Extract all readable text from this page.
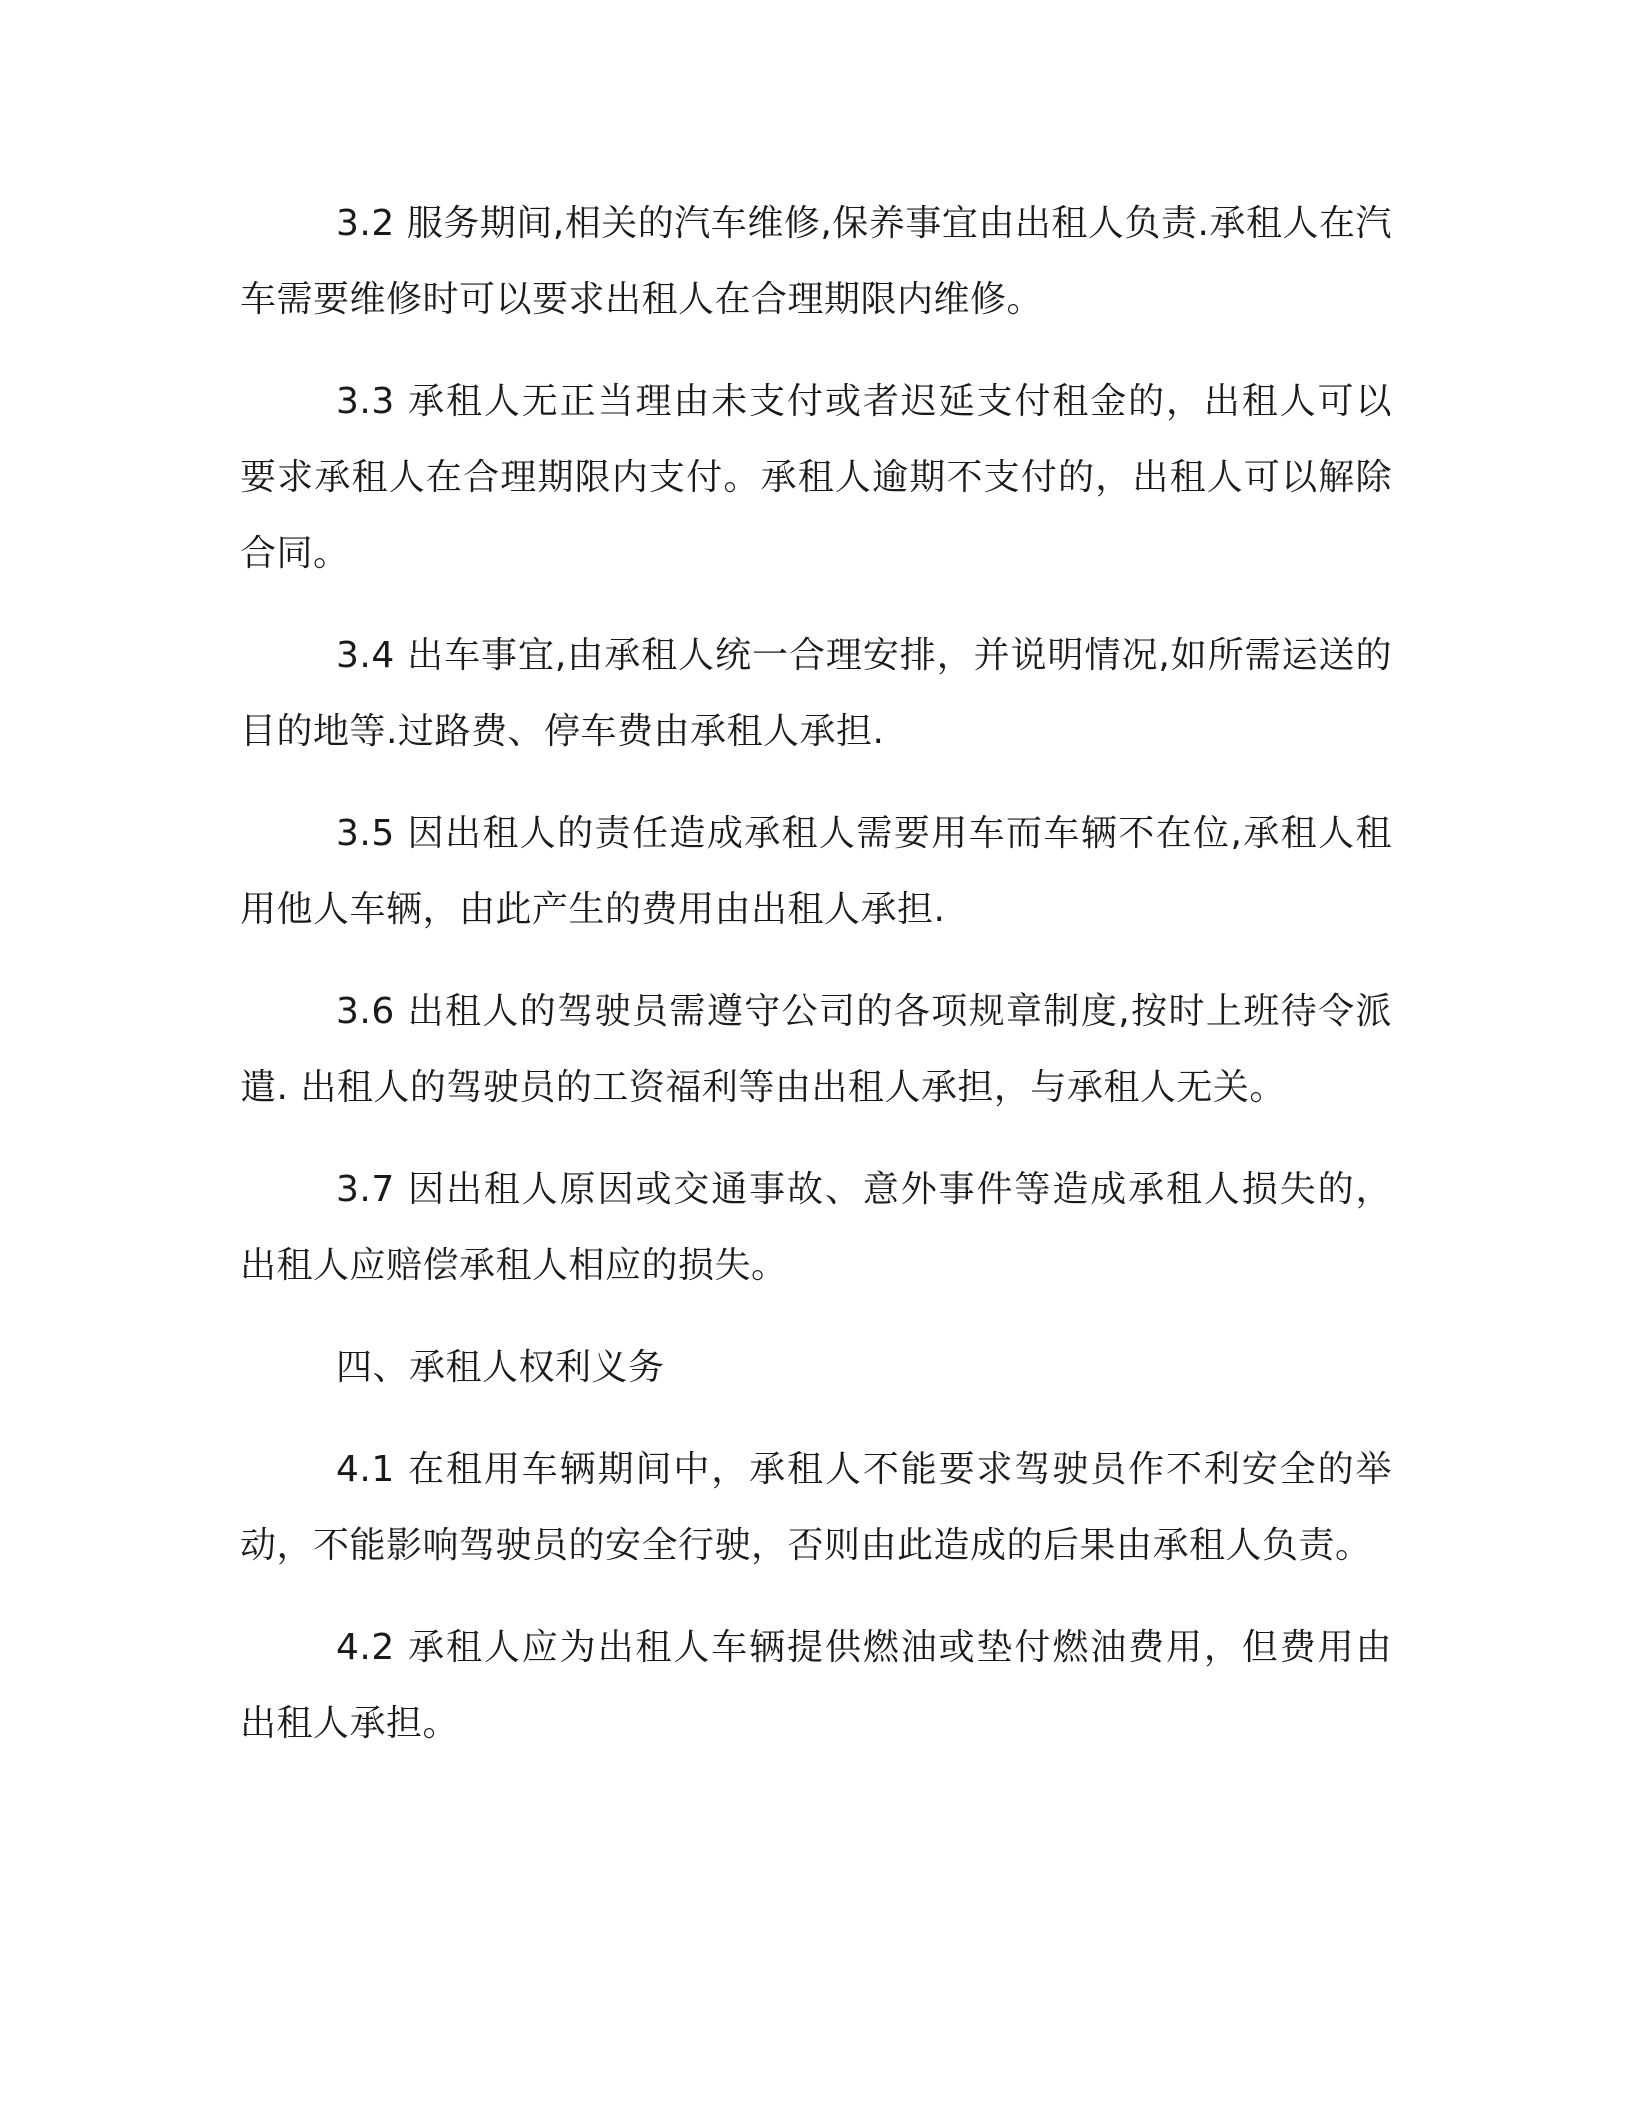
3.2 服务期间,相关的汽车维修,保养事宜由出租人负责.承租人在汽车需要维修时可以要求出租人在合理期限内维修。

3.3 承租人无正当理由未支付或者迟延支付租金的，出租人可以要求承租人在合理期限内支付。承租人逾期不支付的，出租人可以解除合同。

3.4 出车事宜,由承租人统一合理安排，并说明情况,如所需运送的目的地等.过路费、停车费由承租人承担.

3.5 因出租人的责任造成承租人需要用车而车辆不在位,承租人租用他人车辆，由此产生的费用由出租人承担.

3.6 出租人的驾驶员需遵守公司的各项规章制度,按时上班待令派遣. 出租人的驾驶员的工资福利等由出租人承担，与承租人无关。

3.7 因出租人原因或交通事故、意外事件等造成承租人损失的，出租人应赔偿承租人相应的损失。

四、承租人权利义务

4.1 在租用车辆期间中，承租人不能要求驾驶员作不利安全的举动，不能影响驾驶员的安全行驶，否则由此造成的后果由承租人负责。

4.2 承租人应为出租人车辆提供燃油或垫付燃油费用，但费用由出租人承担。
